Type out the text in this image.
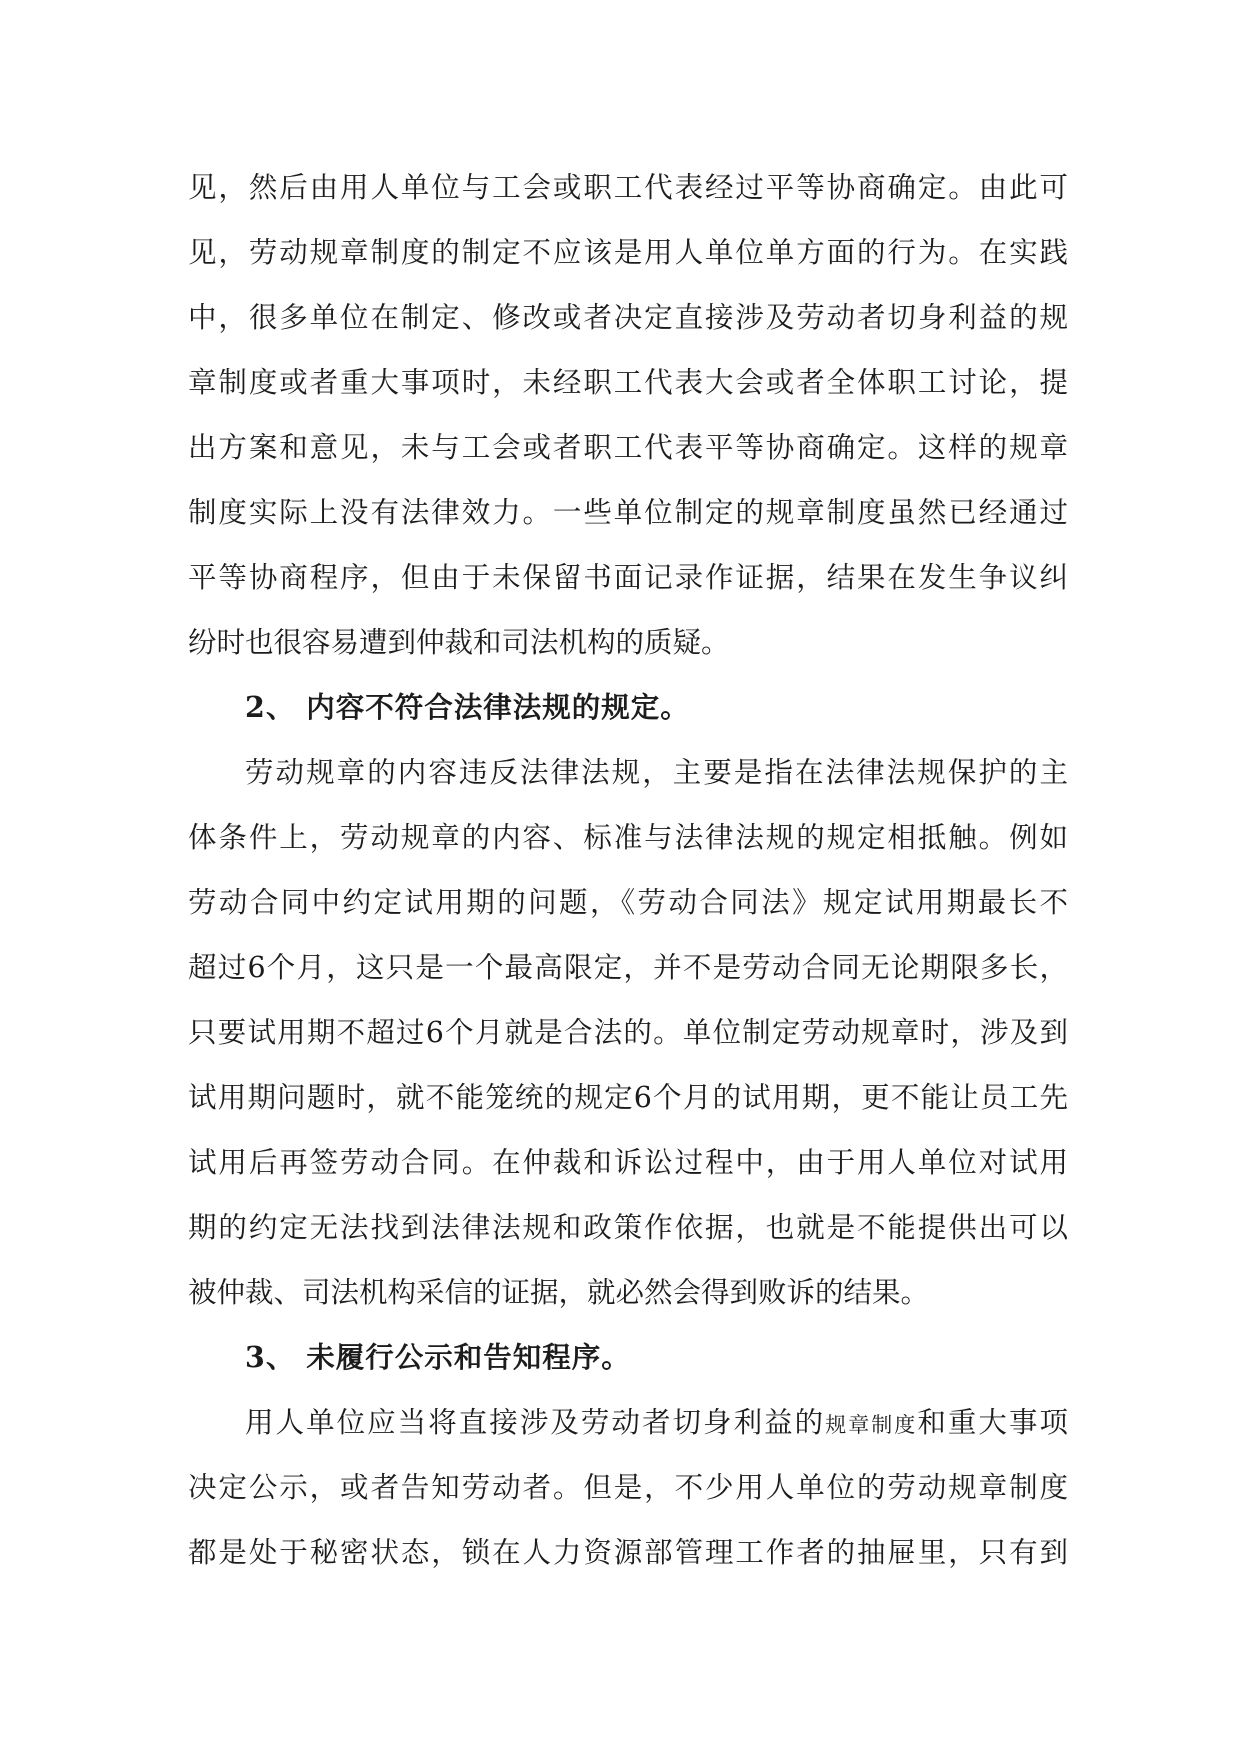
见，然后由用人单位与工会或职工代表经过平等协商确定。由此可
见，劳动规章制度的制定不应该是用人单位单方面的行为。在实践
中，很多单位在制定、修改或者决定直接涉及劳动者切身利益的规
章制度或者重大事项时，未经职工代表大会或者全体职工讨论，提
出方案和意见，未与工会或者职工代表平等协商确定。这样的规章
制度实际上没有法律效力。一些单位制定的规章制度虽然已经通过
平等协商程序，但由于未保留书面记录作证据，结果在发生争议纠
纷时也很容易遭到仲裁和司法机构的质疑。
2、 内容不符合法律法规的规定。
劳动规章的内容违反法律法规，主要是指在法律法规保护的主
体条件上，劳动规章的内容、标准与法律法规的规定相抵触。例如
劳动合同中约定试用期的问题，《劳动合同法》规定试用期最长不
超过6个月，这只是一个最高限定，并不是劳动合同无论期限多长，
只要试用期不超过6个月就是合法的。单位制定劳动规章时，涉及到
试用期问题时，就不能笼统的规定6个月的试用期，更不能让员工先
试用后再签劳动合同。在仲裁和诉讼过程中，由于用人单位对试用
期的约定无法找到法律法规和政策作依据，也就是不能提供出可以
被仲裁、司法机构采信的证据，就必然会得到败诉的结果。
3、 未履行公示和告知程序。
用人单位应当将直接涉及劳动者切身利益的规章制度和重大事项
决定公示，或者告知劳动者。但是，不少用人单位的劳动规章制度
都是处于秘密状态，锁在人力资源部管理工作者的抽屉里，只有到
